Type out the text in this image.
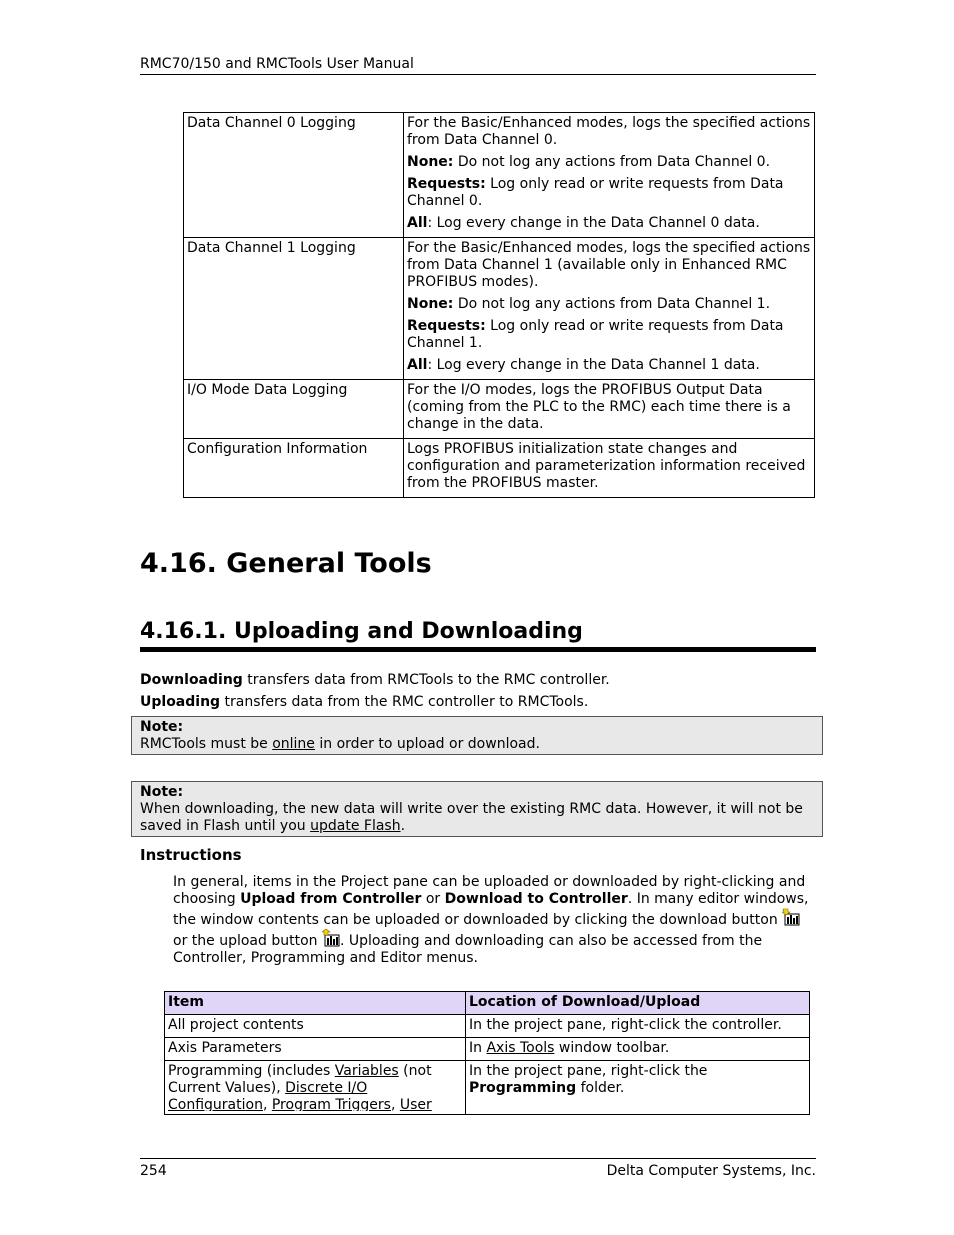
RMC70/150 and RMCTools User Manual
Data Channel 0 Logging	For the Basic/Enhanced modes, logs the specified actions from Data Channel 0.

None: Do not log any actions from Data Channel 0.

Requests: Log only read or write requests from Data Channel 0.

All: Log every change in the Data Channel 0 data.

Data Channel 1 Logging	For the Basic/Enhanced modes, logs the specified actions from Data Channel 1 (available only in Enhanced RMC PROFIBUS modes).

None: Do not log any actions from Data Channel 1.

Requests: Log only read or write requests from Data Channel 1.

All: Log every change in the Data Channel 1 data.

I/O Mode Data Logging	For the I/O modes, logs the PROFIBUS Output Data (coming from the PLC to the RMC) each time there is a change in the data.
Configuration Information	Logs PROFIBUS initialization state changes and configuration and parameterization information received from the PROFIBUS master.
4.16. General Tools
4.16.1. Uploading and Downloading

Downloading transfers data from RMCTools to the RMC controller.

Uploading transfers data from the RMC controller to RMCTools.

Note:
RMCTools must be online in order to upload or download.
Note:
When downloading, the new data will write over the existing RMC data. However, it will not be saved in Flash until you update Flash.
Instructions

In general, items in the Project pane can be uploaded or downloaded by right-clicking and choosing Upload from Controller or Download to Controller. In many editor windows, the window contents can be uploaded or downloaded by clicking the download button  or the upload button . Uploading and downloading can also be accessed from the Controller, Programming and Editor menus.

Item	Location of Download/Upload
All project contents	In the project pane, right-click the controller.
Axis Parameters	In Axis Tools window toolbar.

Programming (includes Variables (not Current Values), Discrete I/O Configuration, Program Triggers, User	In the project pane, right-click the Programming folder.
254	Delta Computer Systems, Inc.
